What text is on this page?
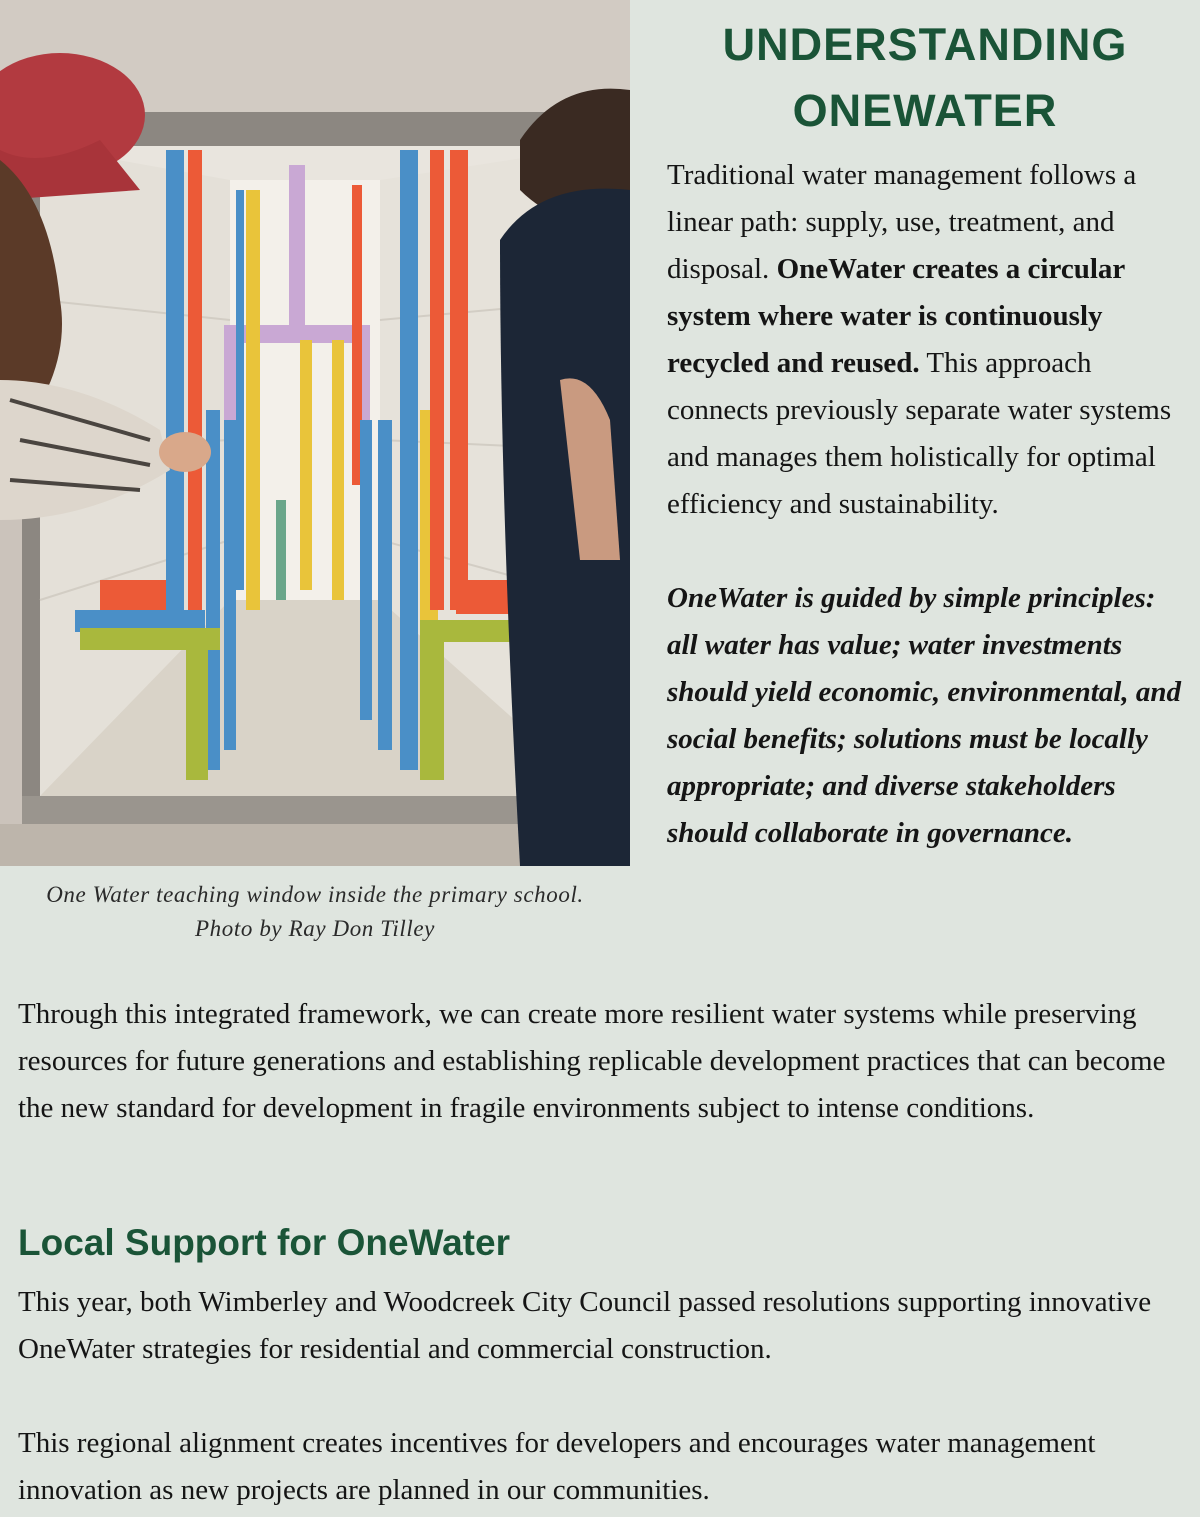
One Water teaching window inside the primary school.
Photo by Ray Don Tilley
UNDERSTANDING
ONEWATER

Traditional water management follows a linear path: supply, use, treatment, and disposal. OneWater creates a circular system where water is continuously recycled and reused. This approach connects previously separate water systems and manages them holistically for optimal efficiency and sustainability.

OneWater is guided by simple principles: all water has value; water investments should yield economic, environmental, and social benefits; solutions must be locally appropriate; and diverse stakeholders should collaborate in governance.

Through this integrated framework, we can create more resilient water systems while preserving resources for future generations and establishing replicable development practices that can become the new standard for development in fragile environments subject to intense conditions.

Local Support for OneWater

This year, both Wimberley and Woodcreek City Council passed resolutions supporting innovative OneWater strategies for residential and commercial construction.

This regional alignment creates incentives for developers and encourages water management innovation as new projects are planned in our communities.
